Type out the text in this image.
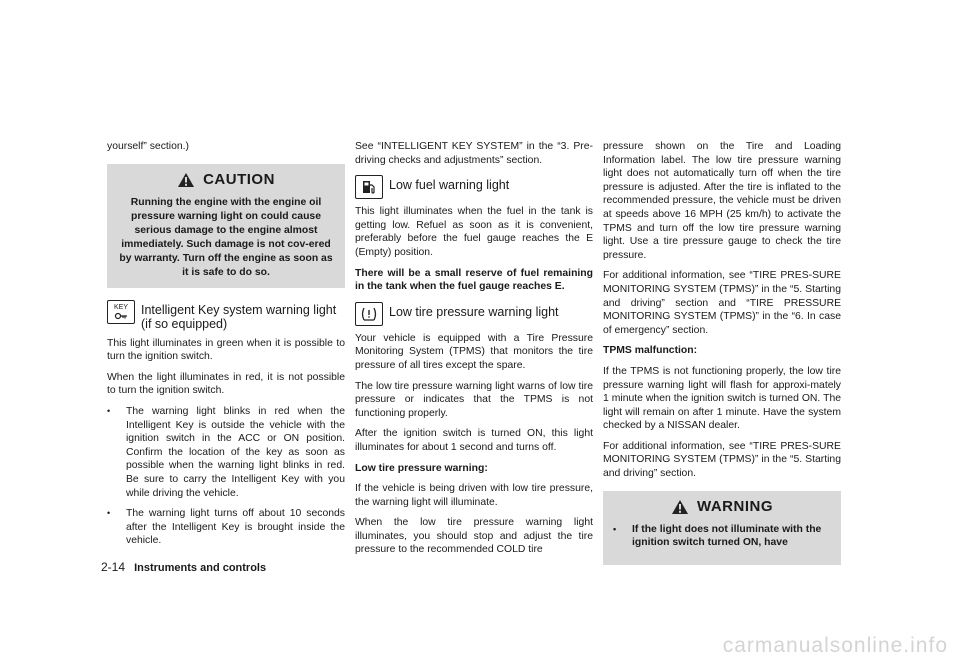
yourself” section.)

CAUTION
Running the engine with the engine oil pressure warning light on could cause serious damage to the engine almost immediately. Such damage is not cov-ered by warranty. Turn off the engine as soon as it is safe to do so.
KEY Intelligent Key system warning light
(if so equipped)

This light illuminates in green when it is possible to turn the ignition switch.

When the light illuminates in red, it is not possible to turn the ignition switch.

• The warning light blinks in red when the Intelligent Key is outside the vehicle with the ignition switch in the ACC or ON position. Confirm the location of the key as soon as possible when the warning light blinks in red. Be sure to carry the Intelligent Key with you while driving the vehicle.
• The warning light turns off about 10 seconds after the Intelligent Key is brought inside the vehicle.

See “INTELLIGENT KEY SYSTEM” in the “3. Pre-driving checks and adjustments” section.

Low fuel warning light

This light illuminates when the fuel in the tank is getting low. Refuel as soon as it is convenient, preferably before the fuel gauge reaches the E (Empty) position.

There will be a small reserve of fuel remaining in the tank when the fuel gauge reaches E.

Low tire pressure warning light

Your vehicle is equipped with a Tire Pressure Monitoring System (TPMS) that monitors the tire pressure of all tires except the spare.

The low tire pressure warning light warns of low tire pressure or indicates that the TPMS is not functioning properly.

After the ignition switch is turned ON, this light illuminates for about 1 second and turns off.

Low tire pressure warning:

If the vehicle is being driven with low tire pressure, the warning light will illuminate.

When the low tire pressure warning light illuminates, you should stop and adjust the tire pressure to the recommended COLD tire

pressure shown on the Tire and Loading Information label. The low tire pressure warning light does not automatically turn off when the tire pressure is adjusted. After the tire is inflated to the recommended pressure, the vehicle must be driven at speeds above 16 MPH (25 km/h) to activate the TPMS and turn off the low tire pressure warning light. Use a tire pressure gauge to check the tire pressure.

For additional information, see “TIRE PRES-SURE MONITORING SYSTEM (TPMS)” in the “5. Starting and driving” section and “TIRE PRESSURE MONITORING SYSTEM (TPMS)” in the “6. In case of emergency” section.

TPMS malfunction:

If the TPMS is not functioning properly, the low tire pressure warning light will flash for approxi-mately 1 minute when the ignition switch is turned ON. The light will remain on after 1 minute. Have the system checked by a NISSAN dealer.

For additional information, see “TIRE PRES-SURE MONITORING SYSTEM (TPMS)” in the “5. Starting and driving” section.

WARNING
• If the light does not illuminate with the ignition switch turned ON, have
2-14 Instruments and controls
carmanualsonline.info
